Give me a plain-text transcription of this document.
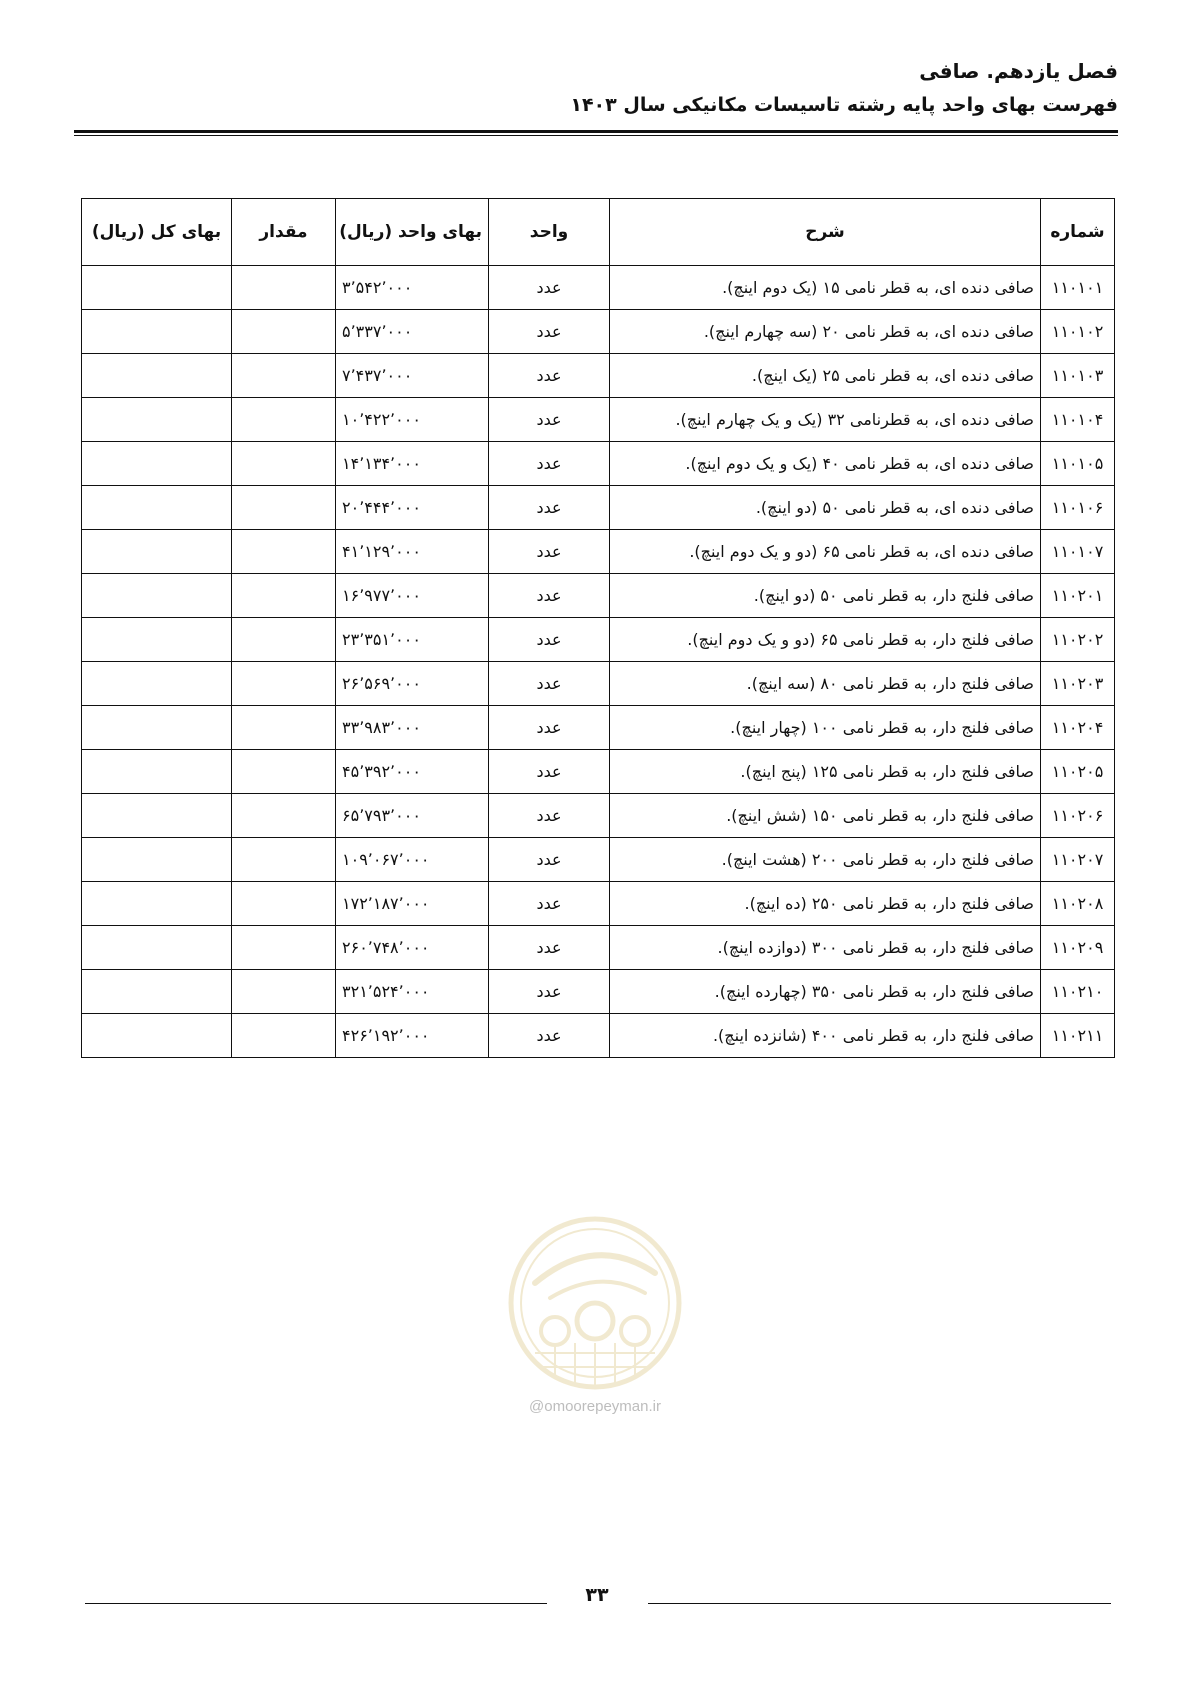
فصل یازدهم. صافی
فهرست بهای واحد پایه رشته تاسیسات مکانیکی سال ۱۴۰۳
شماره	شرح	واحد	بهای واحد (ریال)	مقدار	بهای کل (ریال)
۱۱۰۱۰۱	صافی دنده ای، به قطر نامی ۱۵ (یک دوم اینچ).	عدد	۳٬۵۴۲٬۰۰۰		
۱۱۰۱۰۲	صافی دنده ای، به قطر نامی ۲۰ (سه چهارم اینچ).	عدد	۵٬۳۳۷٬۰۰۰		
۱۱۰۱۰۳	صافی دنده ای، به قطر نامی ۲۵ (یک اینچ).	عدد	۷٬۴۳۷٬۰۰۰		
۱۱۰۱۰۴	صافی دنده ای، به قطرنامی ۳۲ (یک و یک چهارم اینچ).	عدد	۱۰٬۴۲۲٬۰۰۰		
۱۱۰۱۰۵	صافی دنده ای، به قطر نامی ۴۰ (یک و یک دوم اینچ).	عدد	۱۴٬۱۳۴٬۰۰۰		
۱۱۰۱۰۶	صافی دنده ای، به قطر نامی ۵۰ (دو اینچ).	عدد	۲۰٬۴۴۴٬۰۰۰		
۱۱۰۱۰۷	صافی دنده ای، به قطر نامی ۶۵ (دو و یک دوم اینچ).	عدد	۴۱٬۱۲۹٬۰۰۰		
۱۱۰۲۰۱	صافی فلنج دار، به قطر نامی ۵۰ (دو اینچ).	عدد	۱۶٬۹۷۷٬۰۰۰		
۱۱۰۲۰۲	صافی فلنج دار، به قطر نامی ۶۵ (دو و یک دوم اینچ).	عدد	۲۳٬۳۵۱٬۰۰۰		
۱۱۰۲۰۳	صافی فلنج دار، به قطر نامی ۸۰ (سه اینچ).	عدد	۲۶٬۵۶۹٬۰۰۰		
۱۱۰۲۰۴	صافی فلنج دار، به قطر نامی ۱۰۰ (چهار اینچ).	عدد	۳۳٬۹۸۳٬۰۰۰		
۱۱۰۲۰۵	صافی فلنج دار، به قطر نامی ۱۲۵ (پنج اینچ).	عدد	۴۵٬۳۹۲٬۰۰۰		
۱۱۰۲۰۶	صافی فلنج دار، به قطر نامی ۱۵۰ (شش اینچ).	عدد	۶۵٬۷۹۳٬۰۰۰		
۱۱۰۲۰۷	صافی فلنج دار، به قطر نامی ۲۰۰ (هشت اینچ).	عدد	۱۰۹٬۰۶۷٬۰۰۰		
۱۱۰۲۰۸	صافی فلنج دار، به قطر نامی ۲۵۰ (ده اینچ).	عدد	۱۷۲٬۱۸۷٬۰۰۰		
۱۱۰۲۰۹	صافی فلنج دار، به قطر نامی ۳۰۰ (دوازده اینچ).	عدد	۲۶۰٬۷۴۸٬۰۰۰		
۱۱۰۲۱۰	صافی فلنج دار، به قطر نامی ۳۵۰ (چهارده اینچ).	عدد	۳۲۱٬۵۲۴٬۰۰۰		
۱۱۰۲۱۱	صافی فلنج دار، به قطر نامی ۴۰۰ (شانزده اینچ).	عدد	۴۲۶٬۱۹۲٬۰۰۰		
@omoorepeyman.ir
۳۳
